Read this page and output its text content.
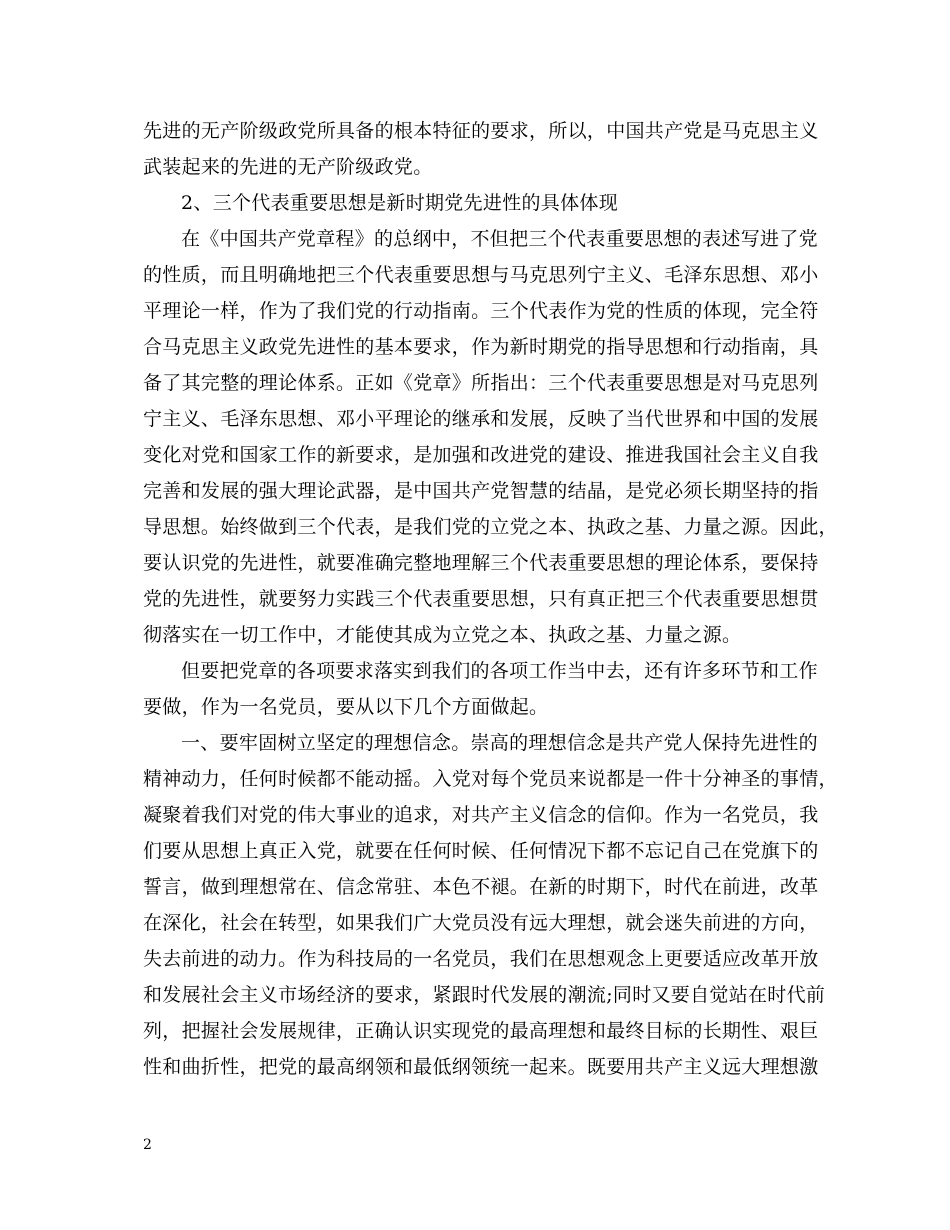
先进的无产阶级政党所具备的根本特征的要求，所以，中国共产党是马克思主义
武装起来的先进的无产阶级政党。
2、三个代表重要思想是新时期党先进性的具体体现
在《中国共产党章程》的总纲中，不但把三个代表重要思想的表述写进了党
的性质，而且明确地把三个代表重要思想与马克思列宁主义、毛泽东思想、邓小
平理论一样，作为了我们党的行动指南。三个代表作为党的性质的体现，完全符
合马克思主义政党先进性的基本要求，作为新时期党的指导思想和行动指南，具
备了其完整的理论体系。正如《党章》所指出：三个代表重要思想是对马克思列
宁主义、毛泽东思想、邓小平理论的继承和发展，反映了当代世界和中国的发展
变化对党和国家工作的新要求，是加强和改进党的建设、推进我国社会主义自我
完善和发展的强大理论武器，是中国共产党智慧的结晶，是党必须长期坚持的指
导思想。始终做到三个代表，是我们党的立党之本、执政之基、力量之源。因此，
要认识党的先进性，就要准确完整地理解三个代表重要思想的理论体系，要保持
党的先进性，就要努力实践三个代表重要思想，只有真正把三个代表重要思想贯
彻落实在一切工作中，才能使其成为立党之本、执政之基、力量之源。
但要把党章的各项要求落实到我们的各项工作当中去，还有许多环节和工作
要做，作为一名党员，要从以下几个方面做起。
一、要牢固树立坚定的理想信念。崇高的理想信念是共产党人保持先进性的
精神动力，任何时候都不能动摇。入党对每个党员来说都是一件十分神圣的事情，
凝聚着我们对党的伟大事业的追求，对共产主义信念的信仰。作为一名党员，我
们要从思想上真正入党，就要在任何时候、任何情况下都不忘记自己在党旗下的
誓言，做到理想常在、信念常驻、本色不褪。在新的时期下，时代在前进，改革
在深化，社会在转型，如果我们广大党员没有远大理想，就会迷失前进的方向，
失去前进的动力。作为科技局的一名党员，我们在思想观念上更要适应改革开放
和发展社会主义市场经济的要求，紧跟时代发展的潮流;同时又要自觉站在时代前
列，把握社会发展规律，正确认识实现党的最高理想和最终目标的长期性、艰巨
性和曲折性，把党的最高纲领和最低纲领统一起来。既要用共产主义远大理想激
2
